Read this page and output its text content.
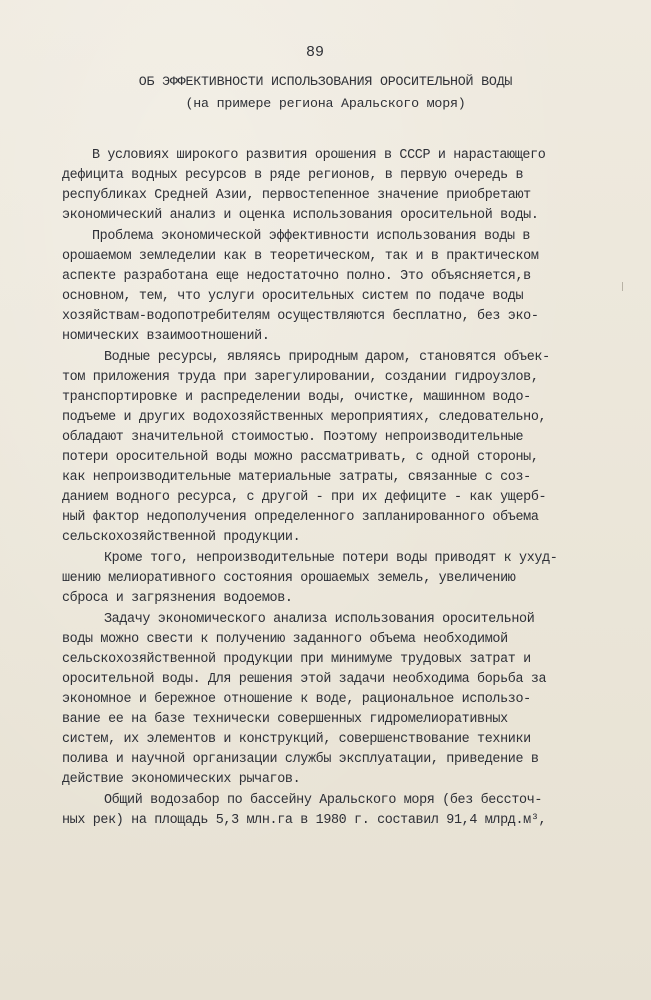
89
ОБ ЭФФЕКТИВНОСТИ ИСПОЛЬЗОВАНИЯ ОРОСИТЕЛЬНОЙ ВОДЫ
(на примере региона Аральского моря)
В условиях широкого развития орошения в СССР и нарастающего
дефицита водных ресурсов в ряде регионов, в первую очередь в
республиках Средней Азии, первостепенное значение приобретают
экономический анализ и оценка использования оросительной воды.
Проблема экономической эффективности использования воды в
орошаемом земледелии как в теоретическом, так и в практическом
аспекте разработана еще недостаточно полно. Это объясняется,в
основном, тем, что услуги оросительных систем по подаче воды
хозяйствам-водопотребителям осуществляются бесплатно, без эко-
номических взаимоотношений.
Водные ресурсы, являясь природным даром, становятся объек-
том приложения труда при зарегулировании, создании гидроузлов,
транспортировке и распределении воды, очистке, машинном водо-
подъеме и других водохозяйственных мероприятиях, следовательно,
обладают значительной стоимостью. Поэтому непроизводительные
потери оросительной воды можно рассматривать, с одной стороны,
как непроизводительные материальные затраты, связанные с соз-
данием водного ресурса, с другой - при их дефиците - как ущерб-
ный фактор недополучения определенного запланированного объема
сельскохозяйственной продукции.
Кроме того, непроизводительные потери воды приводят к ухуд-
шению мелиоративного состояния орошаемых земель, увеличению
сброса и загрязнения водоемов.
Задачу экономического анализа использования оросительной
воды можно свести к получению заданного объема необходимой
сельскохозяйственной продукции при минимуме трудовых затрат и
оросительной воды. Для решения этой задачи необходима борьба за
экономное и бережное отношение к воде, рациональное использо-
вание ее на базе технически совершенных гидромелиоративных
систем, их элементов и конструкций, совершенствование техники
полива и научной организации службы эксплуатации, приведение в
действие экономических рычагов.
Общий водозабор по бассейну Аральского моря (без бессточ-
ных рек) на площадь 5,3 млн.га в 1980 г. составил 91,4 млрд.м³,
